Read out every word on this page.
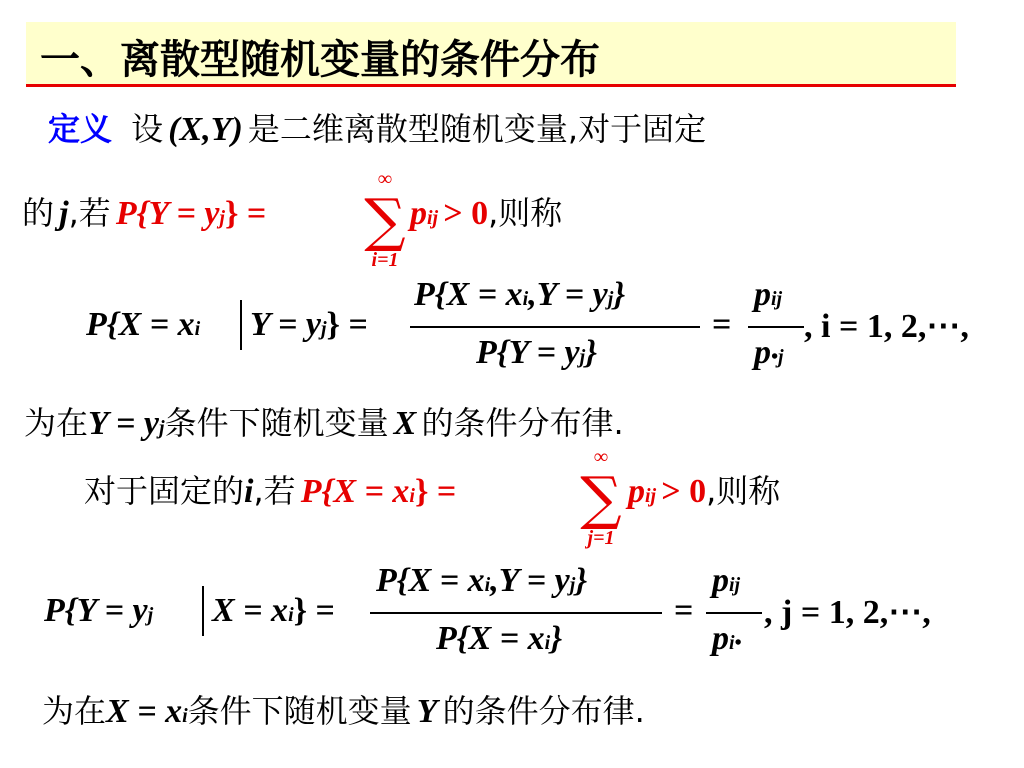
一、离散型随机变量的条件分布
定义 设 (X,Y) 是二维离散型随机变量,对于固定
的 j,若 P{Y = yj} =
∞
∑
i=1
pij > 0,则称
P{X = xi Y = yj} =
P{X = xi,Y = yj}
P{Y = yj}
=
pij
p•j
, i = 1, 2,⋯,
为在Y = yj条件下随机变量 X 的条件分布律.
对于固定的i,若 P{X = xi} =
∞
∑
j=1
pij > 0,则称
P{Y = yj X = xi} =
P{X = xi,Y = yj}
P{X = xi}
=
pij
pi•
, j = 1, 2,⋯,
为在X = xi条件下随机变量 Y 的条件分布律.
